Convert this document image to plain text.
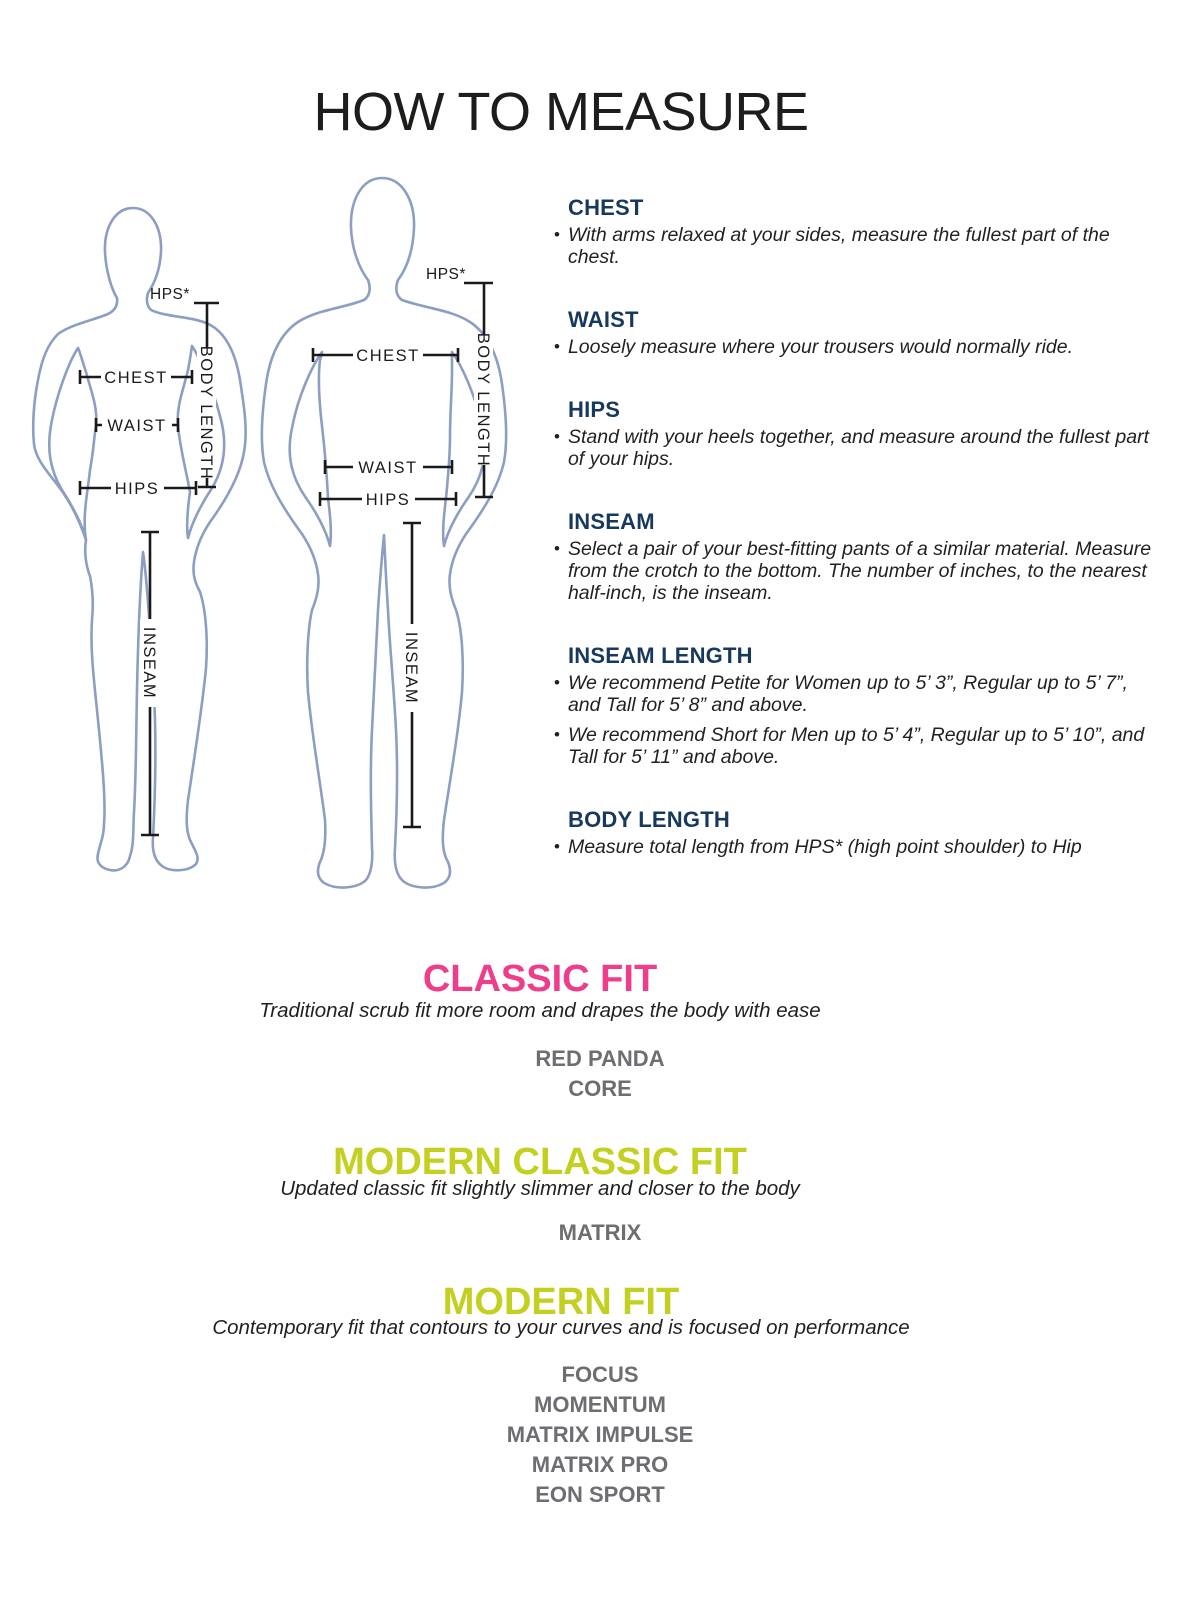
HOW TO MEASURE
CHEST
WAIST
HIPS
HPS*
BODY LENGTH
INSEAM
CHEST
WAIST
HIPS
HPS*
BODY LENGTH
INSEAM
CHEST

• With arms relaxed at your sides, measure the fullest part of the chest.

WAIST

• Loosely measure where your trousers would normally ride.

HIPS

• Stand with your heels together, and measure around the fullest part of your hips.

INSEAM

• Select a pair of your best-fitting pants of a similar material. Measure from the crotch to the bottom. The number of inches, to the nearest half-inch, is the inseam.

INSEAM LENGTH

• We recommend Petite for Women up to 5’ 3”, Regular up to 5’ 7”, and Tall for 5’ 8” and above.

• We recommend Short for Men up to 5’ 4”, Regular up to 5’ 10”, and Tall for 5’ 11” and above.

BODY LENGTH

• Measure total length from HPS* (high point shoulder) to Hip

CLASSIC FIT
Traditional scrub fit more room and drapes the body with ease
RED PANDA
CORE
MODERN CLASSIC FIT
Updated classic fit slightly slimmer and closer to the body
MATRIX
MODERN FIT
Contemporary fit that contours to your curves and is focused on performance
FOCUS
MOMENTUM
MATRIX IMPULSE
MATRIX PRO
EON SPORT
